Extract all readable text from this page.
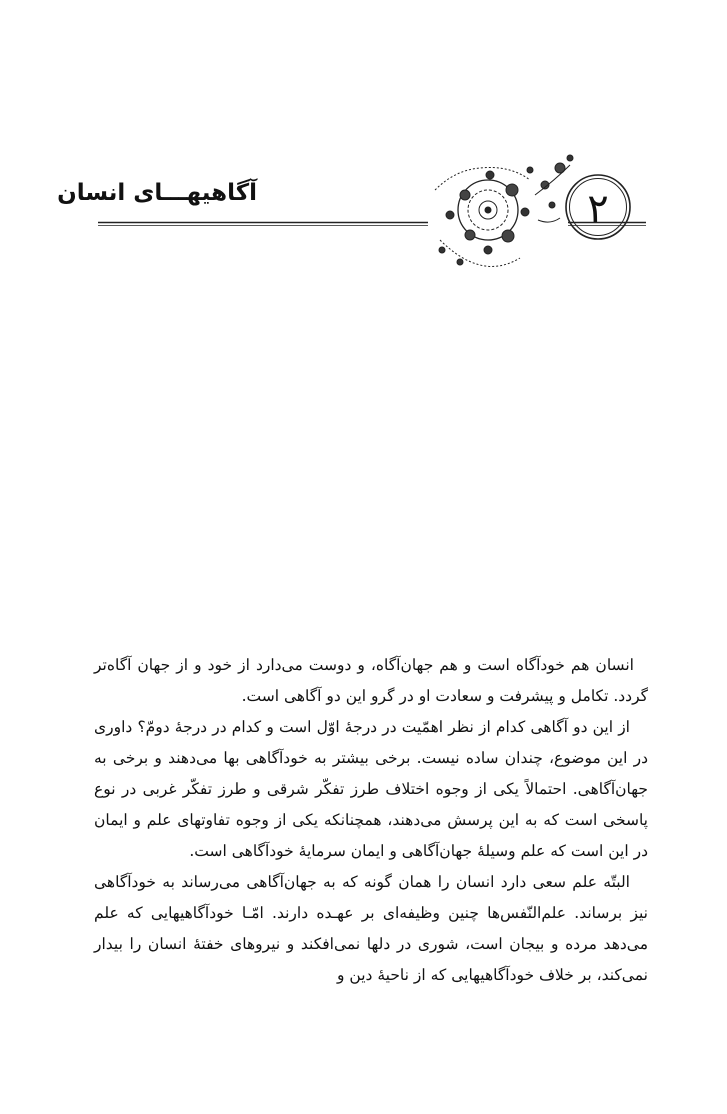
۲
آگاهیهـــای انسان

انسان هم خودآگاه است و هم جهان‌آگاه، و دوست می‌دارد از خود و از جهان آگاه‌تر گردد. تکامل و پیشرفت و سعادت او در گرو این دو آگاهی است.

از این دو آگاهی کدام از نظر اهمّیت در درجهٔ اوّل است و کدام در درجهٔ دومّ؟ داوری در این موضوع، چندان ساده نیست. برخی بیشتر به خودآگاهی بها می‌دهند و برخی به جهان‌آگاهی. احتمالاً یکی از وجوه اختلاف طرز تفکّر شرقی و طرز تفکّر غربی در نوع پاسخی است که به این پرسش می‌دهند، همچنانکه یکی از وجوه تفاوتهای علم و ایمان در این است که علم وسیلهٔ جهان‌آگاهی و ایمان سرمایهٔ خودآگاهی است.

البتّه علم سعی دارد انسان را همان گونه که به جهان‌آگاهی می‌رساند به خودآگاهی نیز برساند. علم‌النّفس‌ها چنین وظیفه‌ای بر عهـده دارند. امّـا خودآگاهیهایی که علم می‌دهد مرده و بیجان است، شوری در دلها نمی‌افکند و نیروهای خفتهٔ انسان را بیدار نمی‌کند، بر خلاف خودآگاهیهایی که از ناحیهٔ دین و
